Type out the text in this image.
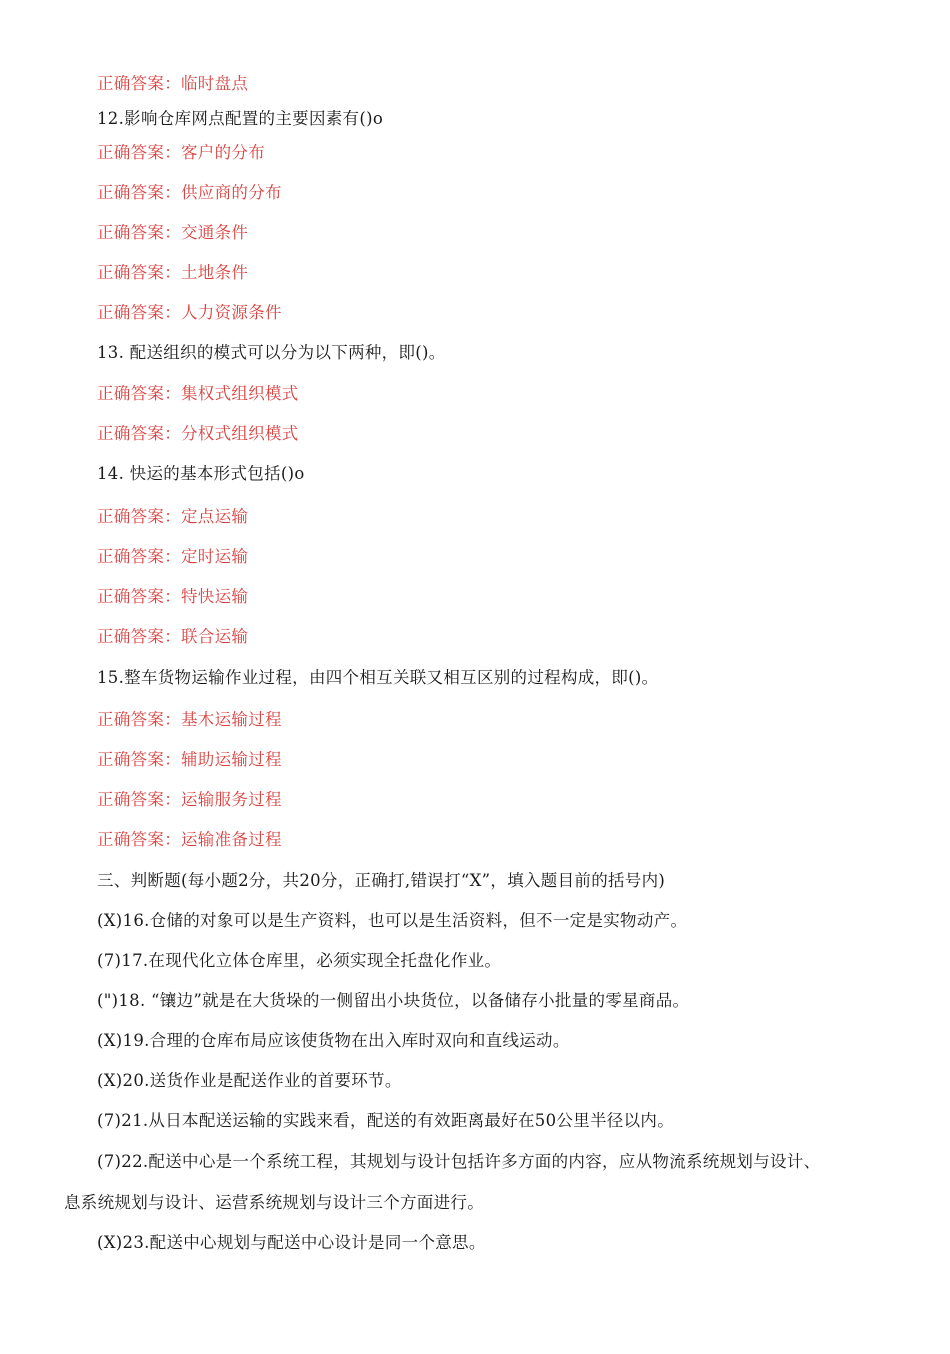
正确答案：临时盘点
12.影响仓库网点配置的主要因素有()o
正确答案：客户的分布
正确答案：供应商的分布
正确答案：交通条件
正确答案：土地条件
正确答案：人力资源条件
13. 配送组织的模式可以分为以下两种，即()。
正确答案：集权式组织模式
正确答案：分权式组织模式
14. 快运的基本形式包括()o
正确答案：定点运输
正确答案：定时运输
正确答案：特快运输
正确答案：联合运输
15.整车货物运输作业过程，由四个相互关联又相互区别的过程构成，即()。
正确答案：基木运输过程
正确答案：辅助运输过程
正确答案：运输服务过程
正确答案：运输准备过程
三、判断题(每小题2分，共20分，正确打,错误打“X”，填入题目前的括号内)
(X)16.仓储的对象可以是生产资料，也可以是生活资料，但不一定是实物动产。
(7)17.在现代化立体仓库里，必须实现全托盘化作业。
(")18. “镶边”就是在大货垛的一侧留出小块货位，以备储存小批量的零星商品。
(X)19.合理的仓库布局应该使货物在出入库时双向和直线运动。
(X)20.送货作业是配送作业的首要环节。
(7)21.从日本配送运输的实践来看，配送的有效距离最好在50公里半径以内。
(7)22.配送中心是一个系统工程，其规划与设计包括许多方面的内容，应从物流系统规划与设计、
息系统规划与设计、运营系统规划与设计三个方面进行。
(X)23.配送中心规划与配送中心设计是同一个意思。
